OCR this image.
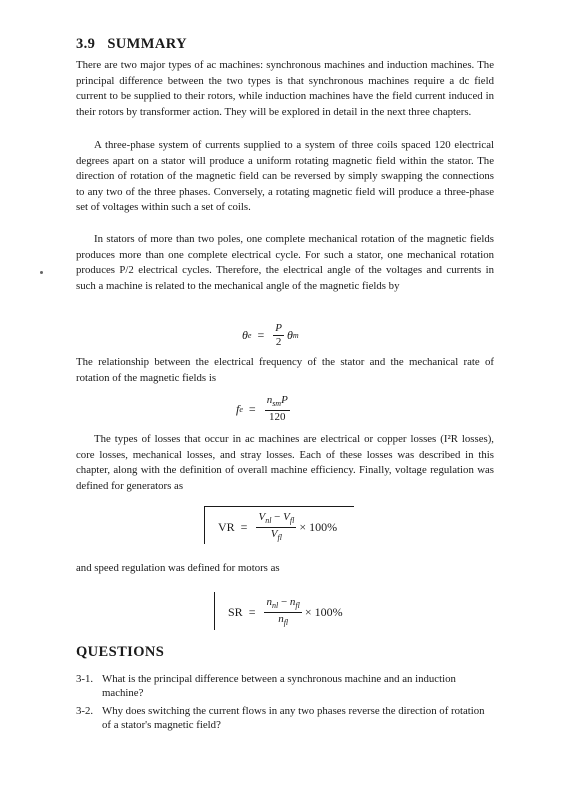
3.9 SUMMARY

There are two major types of ac machines: synchronous machines and induction machines. The principal difference between the two types is that synchronous machines require a dc field current to be supplied to their rotors, while induction machines have the field current induced in their rotors by transformer action. They will be explored in detail in the next three chapters.

A three-phase system of currents supplied to a system of three coils spaced 120 electrical degrees apart on a stator will produce a uniform rotating magnetic field within the stator. The direction of rotation of the magnetic field can be reversed by simply swapping the connections to any two of the three phases. Conversely, a rotating magnetic field will produce a three-phase set of voltages within such a set of coils.

In stators of more than two poles, one complete mechanical rotation of the magnetic fields produces more than one complete electrical cycle. For such a stator, one mechanical rotation produces P/2 electrical cycles. Therefore, the electrical angle of the voltages and currents in such a machine is related to the mechanical angle of the magnetic fields by

θ $e = \frac{P}{2}$ θ m

The relationship between the electrical frequency of the stator and the mechanical rate of rotation of the magnetic fields is

f $e = \frac{n_{sm}P}{120}$

The types of losses that occur in ac machines are electrical or copper losses (I²R losses), core losses, mechanical losses, and stray losses. Each of these losses was described in this chapter, along with the definition of overall machine efficiency. Finally, voltage regulation was defined for generators as

VR = $\frac{V_{nl} - V_{fl}}{V_{fl}} \times 100\%$

and speed regulation was defined for motors as

SR = $\frac{n_{nl} - n_{fl}}{n_{fl}} \times 100\%$
QUESTIONS
3-1. What is the principal difference between a synchronous machine and an induction machine?
3-2. Why does switching the current flows in any two phases reverse the direction of rotation of a stator's magnetic field?
